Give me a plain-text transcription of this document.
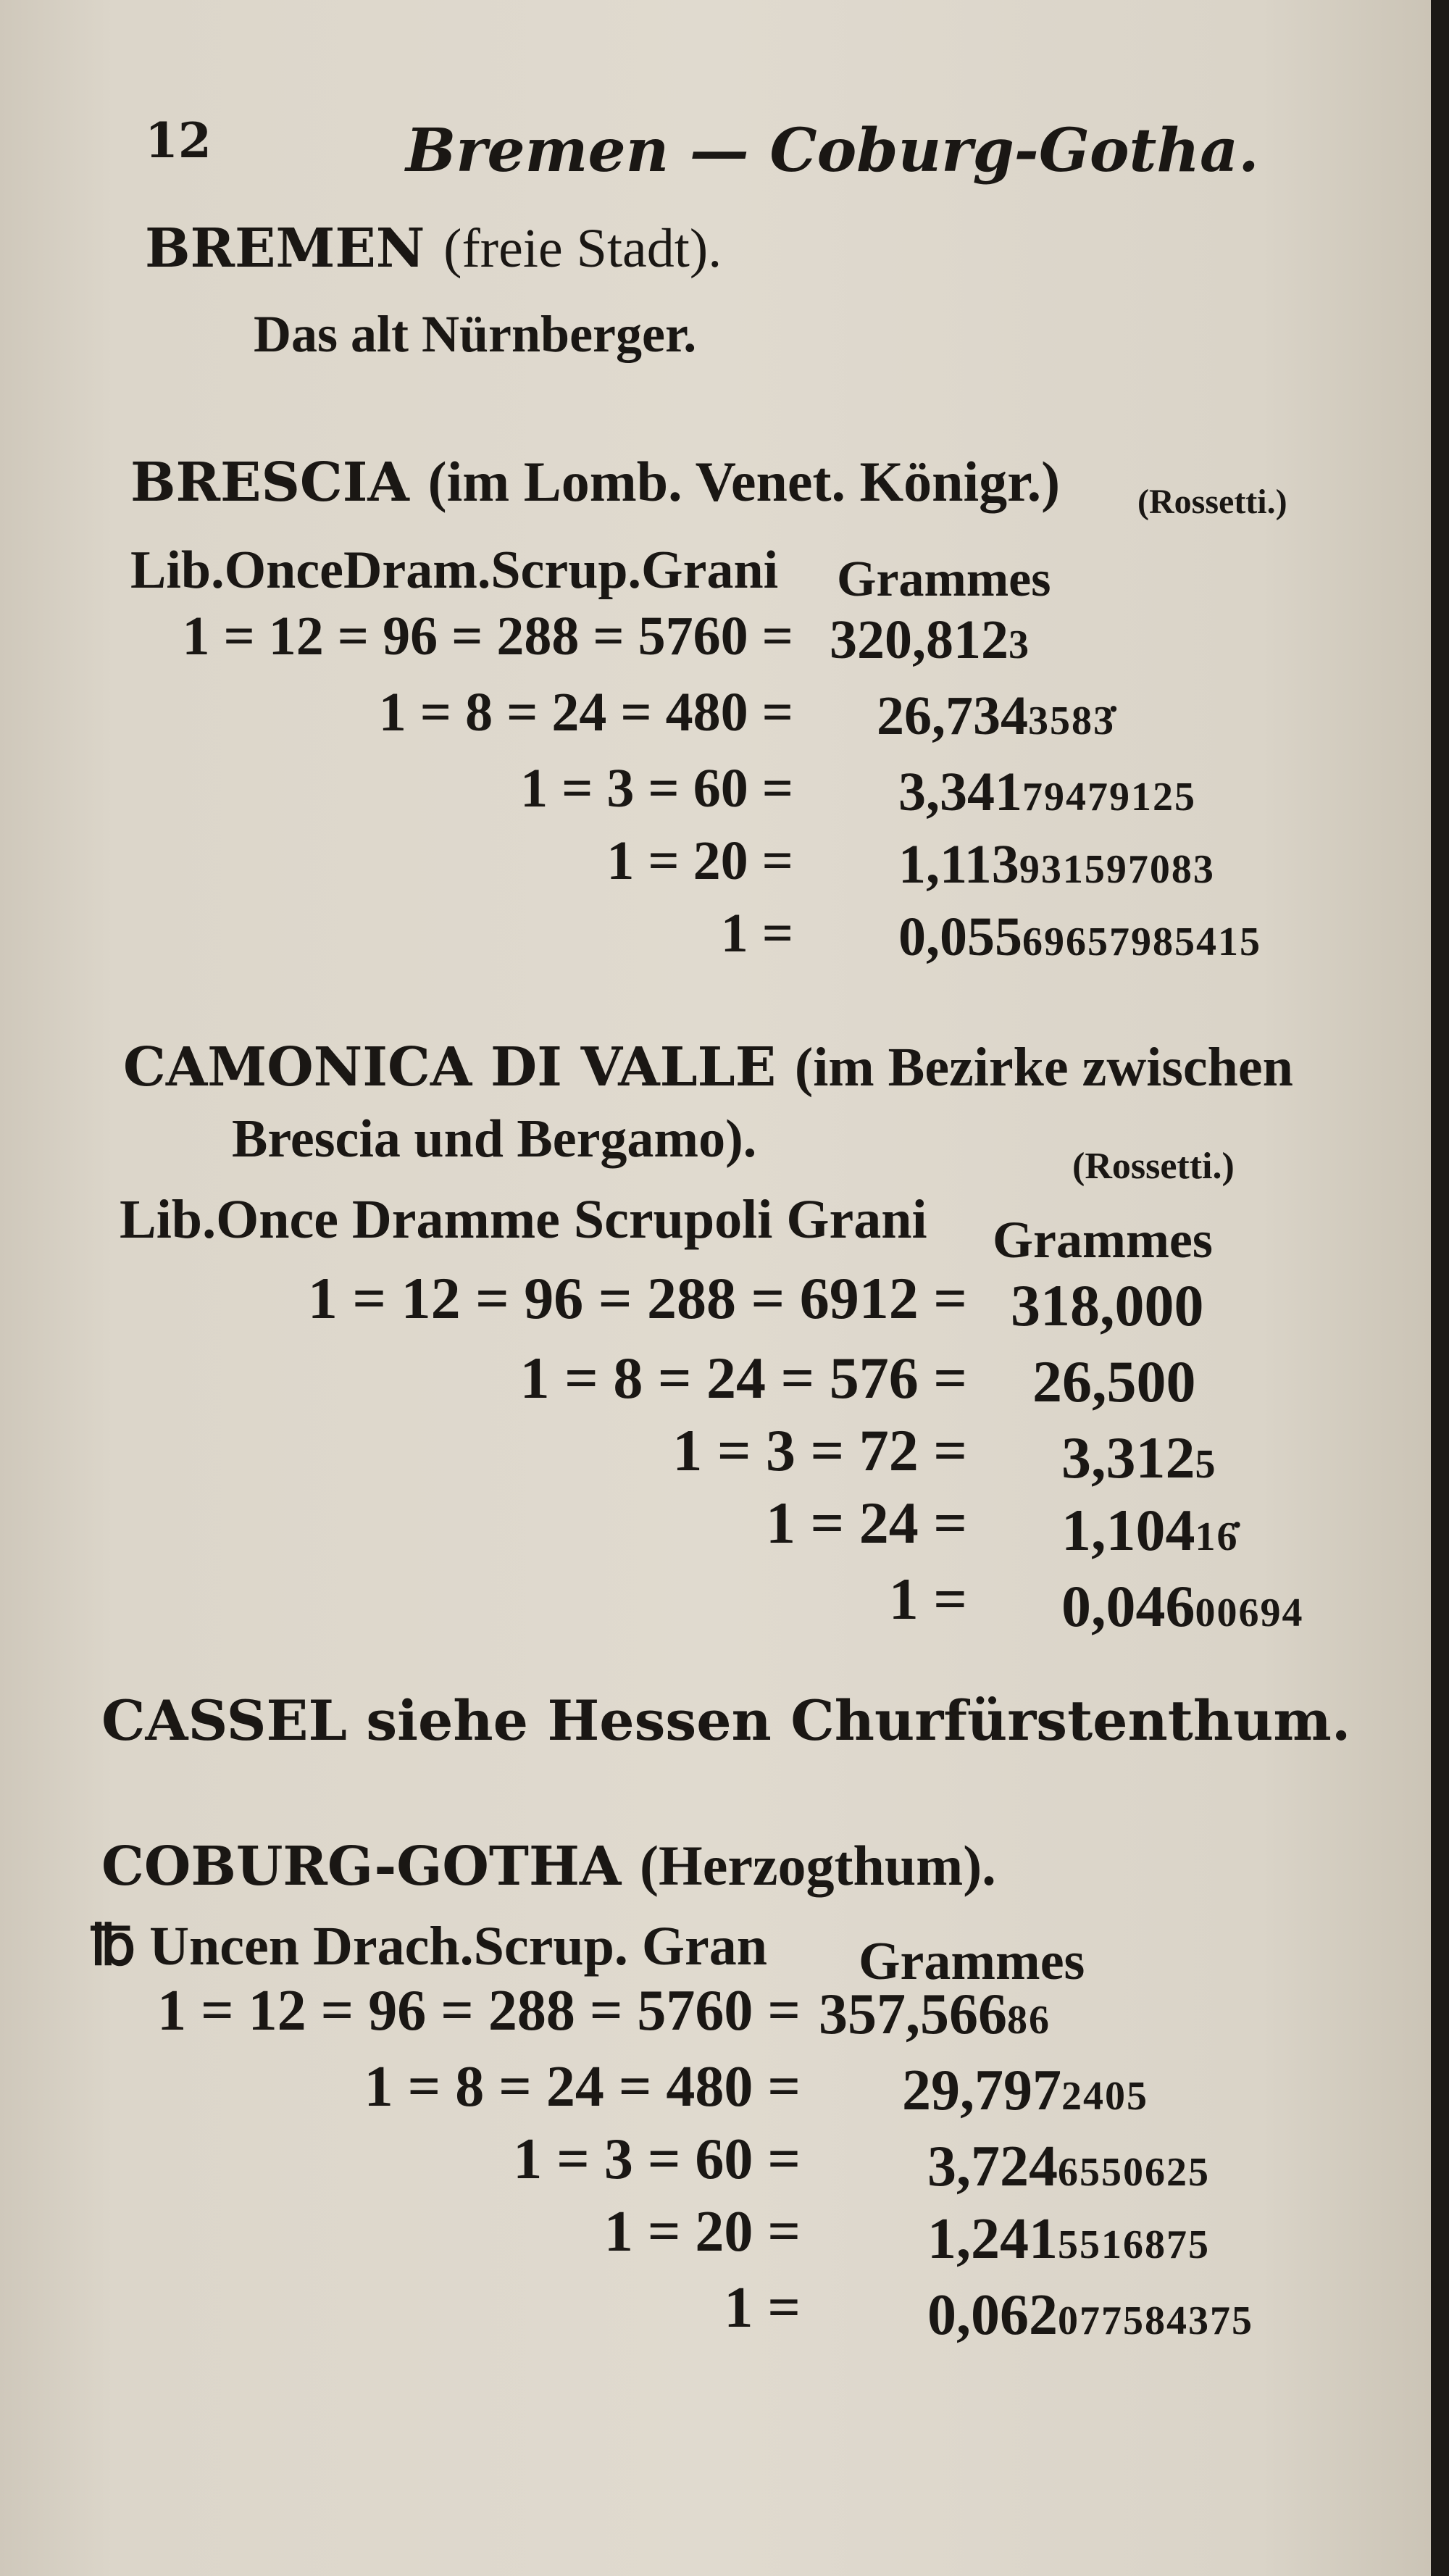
12	Bremen — Coburg-Gotha.
BREMEN (freie Stadt).
Das alt Nürnberger.
BRESCIA (im Lomb. Venet. Königr.) (Rossetti.)
Lib.OnceDram.Scrup.Grani Grammes
1 = 12 = 96 = 288 = 5760 = 320,8123
1 = 8 = 24 = 480 = 26,7343583̇
1 = 3 = 60 = 3,34179479125
1 = 20 = 1,113931597083
1 = 0,05569657985415
CAMONICA DI VALLE (im Bezirke zwischen
Brescia und Bergamo).	(Rossetti.)
Lib.Once Dramme Scrupoli Grani Grammes
1 = 12 = 96 = 288 = 6912 = 318,000
1 = 8 = 24 = 576 = 26,500
1 = 3 = 72 = 3,3125
1 = 24 = 1,10416̇
1 = 0,04600694
CASSEL siehe Hessen Churfürstenthum.
COBURG-GOTHA (Herzogthum).
℔ Uncen Drach.Scrup. Gran Grammes
1 = 12 = 96 = 288 = 5760 = 357,56686
1 = 8 = 24 = 480 = 29,7972405
1 = 3 = 60 = 3,7246550625
1 = 20 = 1,2415516875
1 = 0,062077584375
